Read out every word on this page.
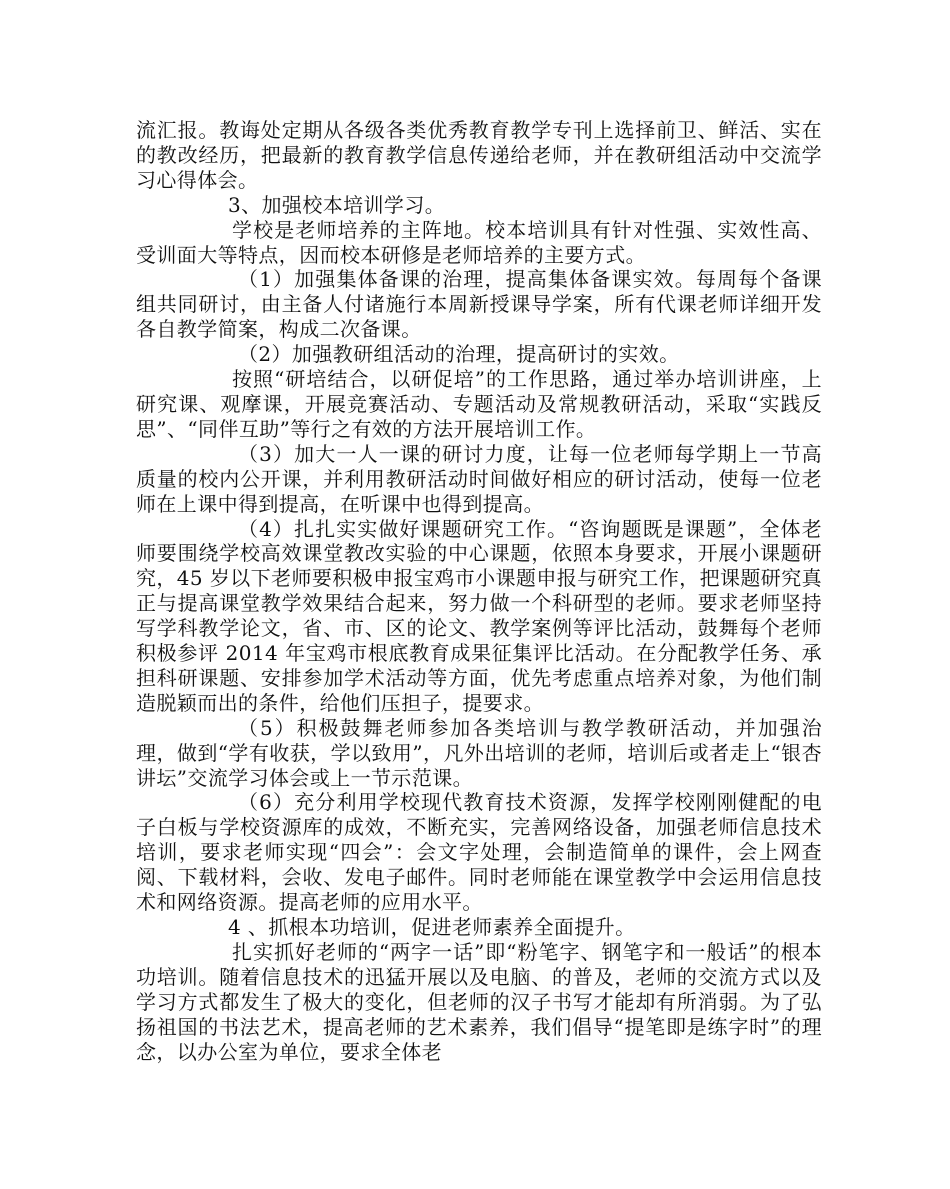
流汇报。教诲处定期从各级各类优秀教育教学专刊上选择前卫、鲜活、实在的教改经历，把最新的教育教学信息传递给老师，并在教研组活动中交流学习心得体会。

3、加强校本培训学习。

学校是老师培养的主阵地。校本培训具有针对性强、实效性高、受训面大等特点，因而校本研修是老师培养的主要方式。

（1）加强集体备课的治理，提高集体备课实效。每周每个备课组共同研讨，由主备人付诸施行本周新授课导学案，所有代课老师详细开发各自教学简案，构成二次备课。

（2）加强教研组活动的治理，提高研讨的实效。

按照“研培结合，以研促培”的工作思路，通过举办培训讲座，上研究课、观摩课，开展竞赛活动、专题活动及常规教研活动，采取“实践反思”、“同伴互助”等行之有效的方法开展培训工作。

（3）加大一人一课的研讨力度，让每一位老师每学期上一节高质量的校内公开课，并利用教研活动时间做好相应的研讨活动，使每一位老师在上课中得到提高，在听课中也得到提高。

（4）扎扎实实做好课题研究工作。“咨询题既是课题”，全体老师要围绕学校高效课堂教改实验的中心课题，依照本身要求，开展小课题研究，45 岁以下老师要积极申报宝鸡市小课题申报与研究工作，把课题研究真正与提高课堂教学效果结合起来，努力做一个科研型的老师。要求老师坚持写学科教学论文，省、市、区的论文、教学案例等评比活动，鼓舞每个老师积极参评 2014 年宝鸡市根底教育成果征集评比活动。在分配教学任务、承担科研课题、安排参加学术活动等方面，优先考虑重点培养对象，为他们制造脱颖而出的条件，给他们压担子，提要求。

（5）积极鼓舞老师参加各类培训与教学教研活动，并加强治理，做到“学有收获，学以致用”，凡外出培训的老师，培训后或者走上“银杏讲坛”交流学习体会或上一节示范课。

（6）充分利用学校现代教育技术资源，发挥学校刚刚健配的电子白板与学校资源库的成效，不断充实，完善网络设备，加强老师信息技术培训，要求老师实现“四会”：会文字处理，会制造简单的课件，会上网查阅、下载材料，会收、发电子邮件。同时老师能在课堂教学中会运用信息技术和网络资源。提高老师的应用水平。

4 、抓根本功培训，促进老师素养全面提升。

扎实抓好老师的“两字一话”即“粉笔字、钢笔字和一般话”的根本功培训。随着信息技术的迅猛开展以及电脑、的普及，老师的交流方式以及学习方式都发生了极大的变化，但老师的汉子书写才能却有所消弱。为了弘扬祖国的书法艺术，提高老师的艺术素养，我们倡导“提笔即是练字时”的理念，以办公室为单位，要求全体老
